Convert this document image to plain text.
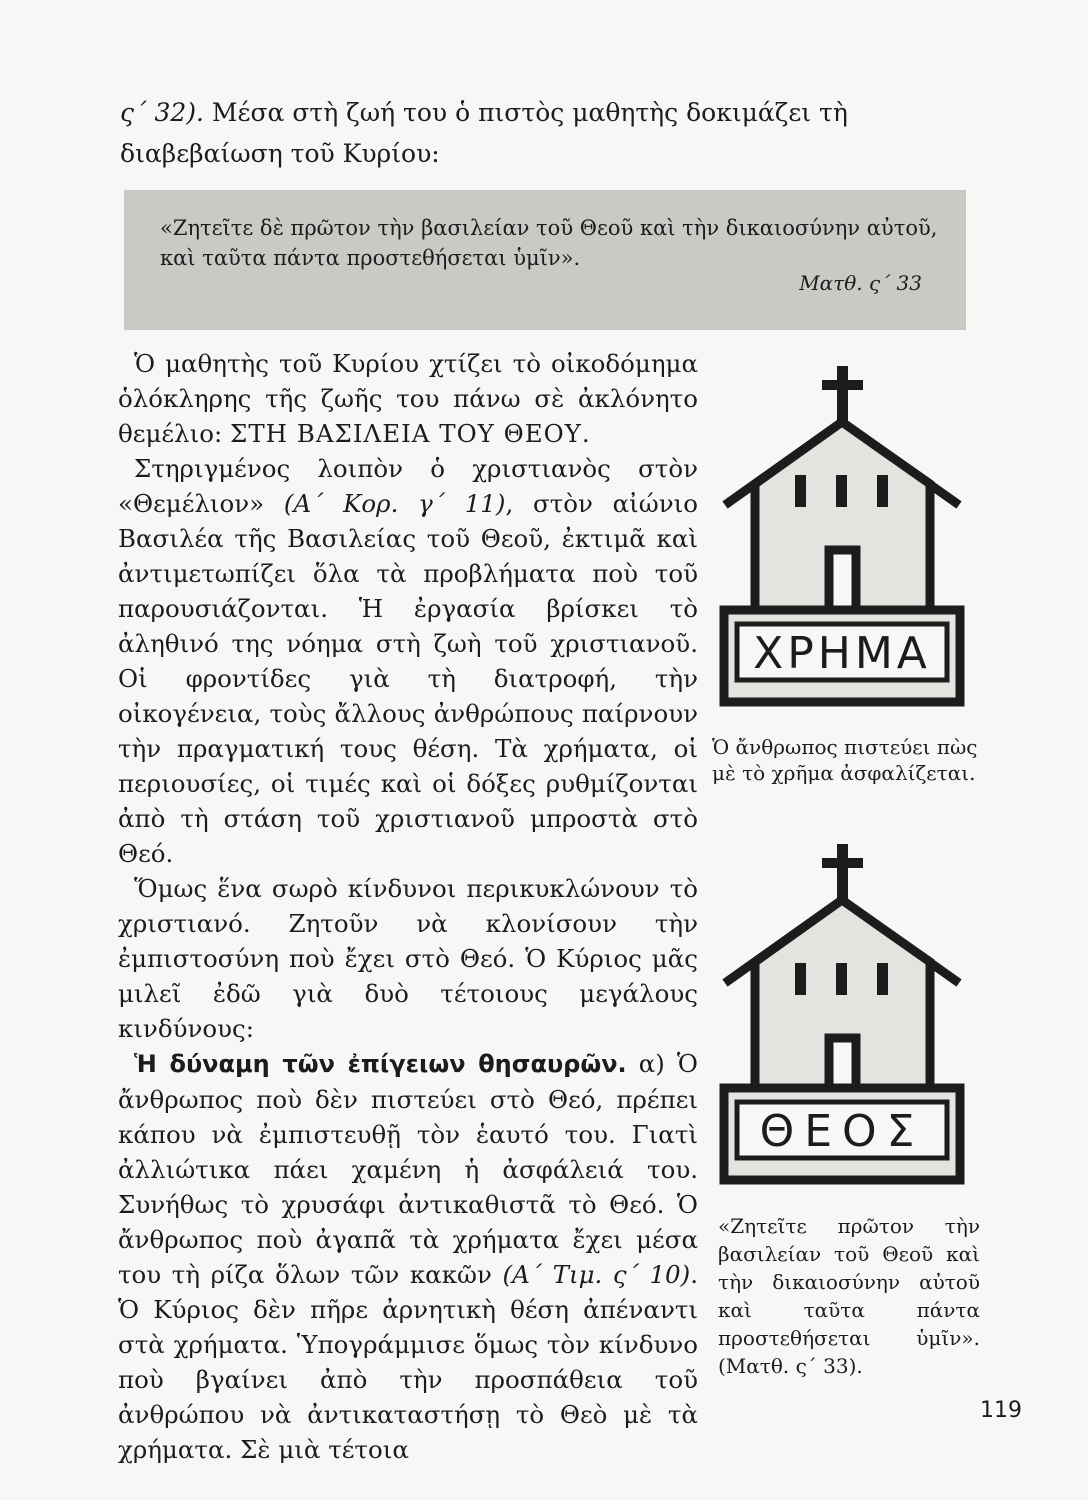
ς΄ 32). Μέσα στὴ ζωή του ὁ πιστὸς μαθητὴς δοκιμάζει τὴ διαβεβαίωση τοῦ Κυρίου:

«Ζητεῖτε δὲ πρῶτον τὴν βασιλείαν τοῦ Θεοῦ καὶ τὴν δικαιοσύνην αὐτοῦ, καὶ ταῦτα πάντα προστεθήσεται ὑμῖν».

Ματθ. ς΄ 33

Ὁ μαθητὴς τοῦ Κυρίου χτίζει τὸ οἰκοδόμημα ὁλόκληρης τῆς ζωῆς του πάνω σὲ ἀκλόνητο θεμέλιο: ΣΤΗ ΒΑΣΙΛΕΙΑ ΤΟΥ ΘΕΟΥ.

Στηριγμένος λοιπὸν ὁ χριστιανὸς στὸν «Θεμέλιον» (Α΄ Κορ. γ΄ 11), στὸν αἰώνιο Βασιλέα τῆς Βασιλείας τοῦ Θεοῦ, ἐκτιμᾶ καὶ ἀντιμετωπίζει ὅλα τὰ προβλήματα ποὺ τοῦ παρουσιάζονται. Ἡ ἐργασία βρίσκει τὸ ἀληθινό της νόημα στὴ ζωὴ τοῦ χριστιανοῦ. Οἱ φροντίδες γιὰ τὴ διατροφή, τὴν οἰκογένεια, τοὺς ἄλλους ἀνθρώπους παίρνουν τὴν πραγματική τους θέση. Τὰ χρήματα, οἱ περιουσίες, οἱ τιμές καὶ οἱ δόξες ρυθμίζονται ἀπὸ τὴ στάση τοῦ χριστιανοῦ μπροστὰ στὸ Θεό.

Ὅμως ἕνα σωρὸ κίνδυνοι περικυκλώνουν τὸ χριστιανό. Ζητοῦν νὰ κλονίσουν τὴν ἐμπιστοσύνη ποὺ ἔχει στὸ Θεό. Ὁ Κύριος μᾶς μιλεῖ ἐδῶ γιὰ δυὸ τέτοιους μεγάλους κινδύνους:

Ἡ δύναμη τῶν ἐπίγειων θησαυρῶν. α) Ὁ ἄνθρωπος ποὺ δὲν πιστεύει στὸ Θεό, πρέπει κάπου νὰ ἐμπιστευθῇ τὸν ἑαυτό του. Γιατὶ ἀλλιώτικα πάει χαμένη ἡ ἀσφάλειά του. Συνήθως τὸ χρυσάφι ἀντικαθιστᾶ τὸ Θεό. Ὁ ἄνθρωπος ποὺ ἀγαπᾶ τὰ χρήματα ἔχει μέσα του τὴ ρίζα ὅλων τῶν κακῶν (Α΄ Τιμ. ς΄ 10). Ὁ Κύριος δὲν πῆρε ἀρνητικὴ θέση ἀπέναντι στὰ χρήματα. Ὑπογράμμισε ὅμως τὸν κίνδυνο ποὺ βγαίνει ἀπὸ τὴν προσπάθεια τοῦ ἀνθρώπου νὰ ἀντικαταστήσῃ τὸ Θεὸ μὲ τὰ χρήματα. Σὲ μιὰ τέτοια

ΧΡΗΜΑ

Ὁ ἄνθρωπος πιστεύει πὼς μὲ τὸ χρῆμα ἀσφαλίζεται.

ΘΕΟΣ

«Ζητεῖτε πρῶτον τὴν βασιλείαν τοῦ Θεοῦ καὶ τὴν δικαιοσύνην αὐτοῦ καὶ ταῦτα πάντα προστεθήσεται ὑμῖν». (Ματθ. ς΄ 33).

119
